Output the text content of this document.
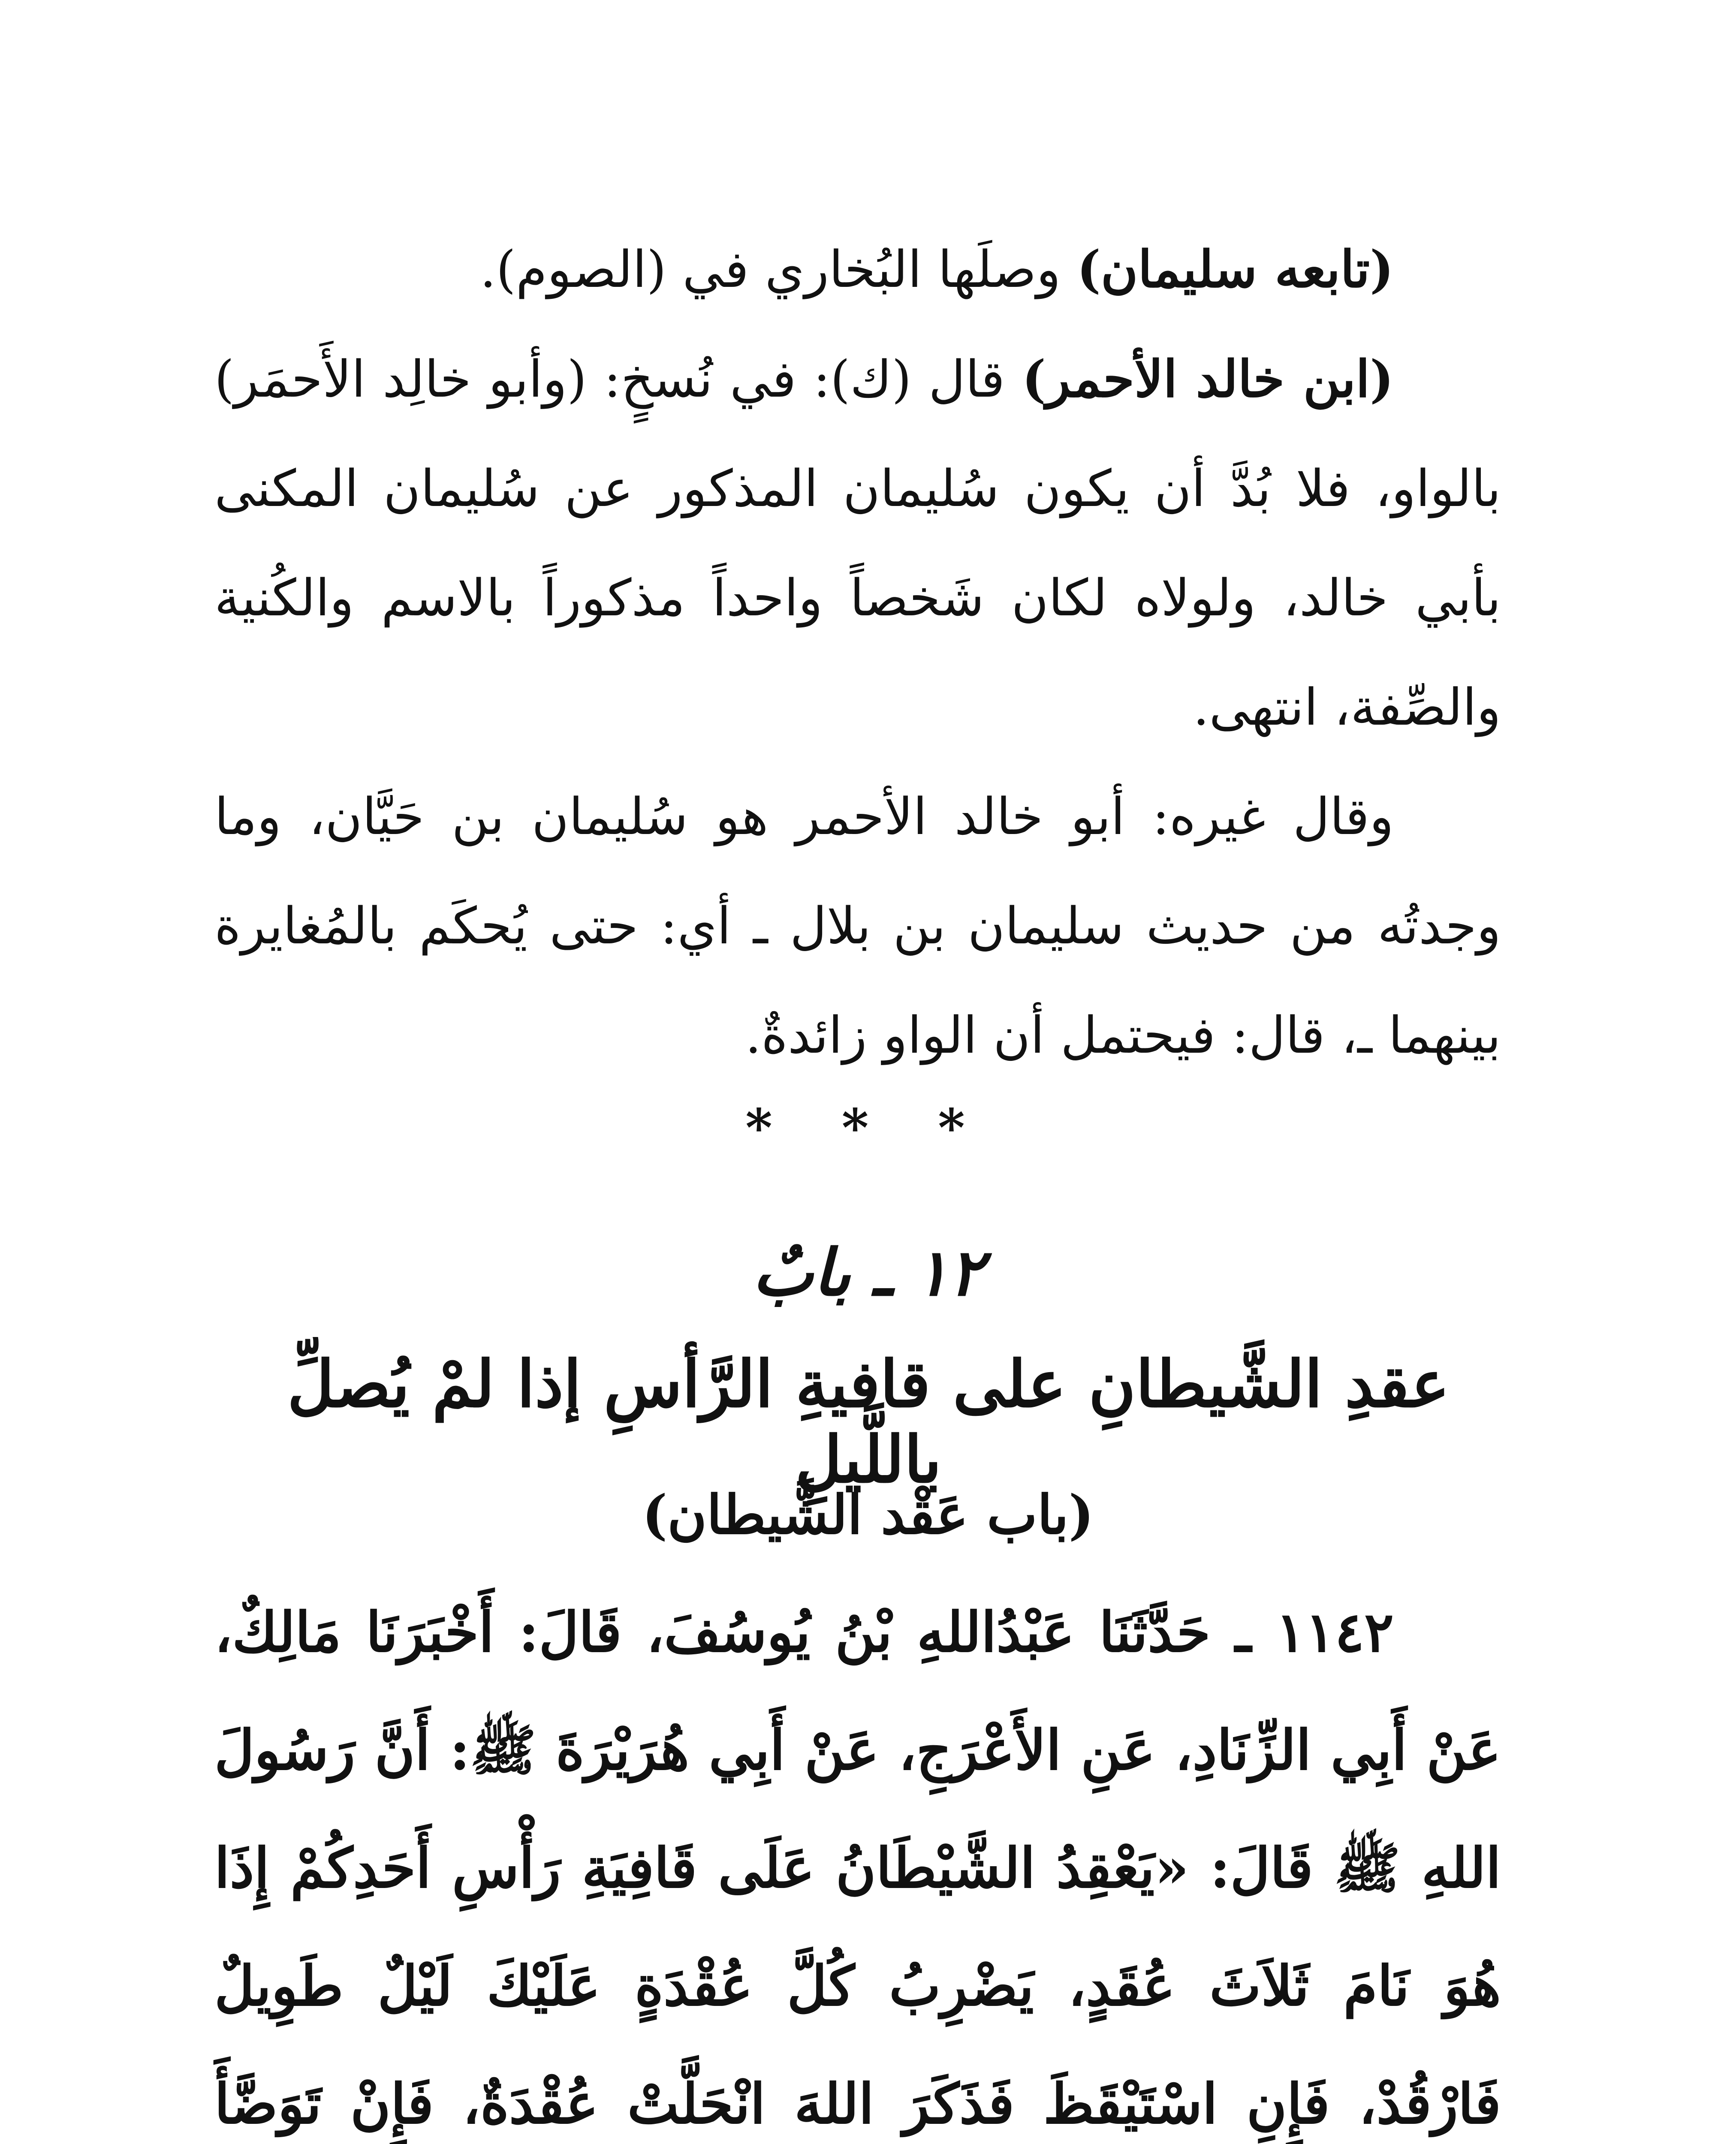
(تابعه سليمان) وصلَها البُخاري في (الصوم).

(ابن خالد الأحمر) قال (ك): في نُسخٍ: (وأبو خالِد الأَحمَر) بالواو، فلا بُدَّ أن يكون سُليمان المذكور عن سُليمان المكنى بأبي خالد، ولولاه لكان شَخصاً واحداً مذكوراً بالاسم والكُنية والصِّفة، انتهى.

وقال غيره: أبو خالد الأحمر هو سُليمان بن حَيَّان، وما وجدتُه من حديث سليمان بن بلال ـ أي: حتى يُحكَم بالمُغايرة بينهما ـ، قال: فيحتمل أن الواو زائدةٌ.

* * *
١٢ ـ بابٌ
عقدِ الشَّيطانِ على قافيةِ الرَّأسِ إذا لمْ يُصلِّ باللَّيلِ
(باب عَقْد الشَّيطان)

١١٤٢ ـ حَدَّثَنَا عَبْدُاللهِ بْنُ يُوسُفَ، قَالَ: أَخْبَرَنَا مَالِكٌ، عَنْ أَبِي الزِّنَادِ، عَنِ الأَعْرَجِ، عَنْ أَبِي هُرَيْرَةَ ﷺ: أَنَّ رَسُولَ اللهِ ﷺ قَالَ: «يَعْقِدُ الشَّيْطَانُ عَلَى قَافِيَةِ رَأْسِ أَحَدِكُمْ إِذَا هُوَ نَامَ ثَلاَثَ عُقَدٍ، يَضْرِبُ كُلَّ عُقْدَةٍ عَلَيْكَ لَيْلٌ طَوِيلٌ فَارْقُدْ، فَإِنِ اسْتَيْقَظَ فَذَكَرَ اللهَ انْحَلَّتْ عُقْدَةٌ، فَإِنْ تَوَضَّأَ
